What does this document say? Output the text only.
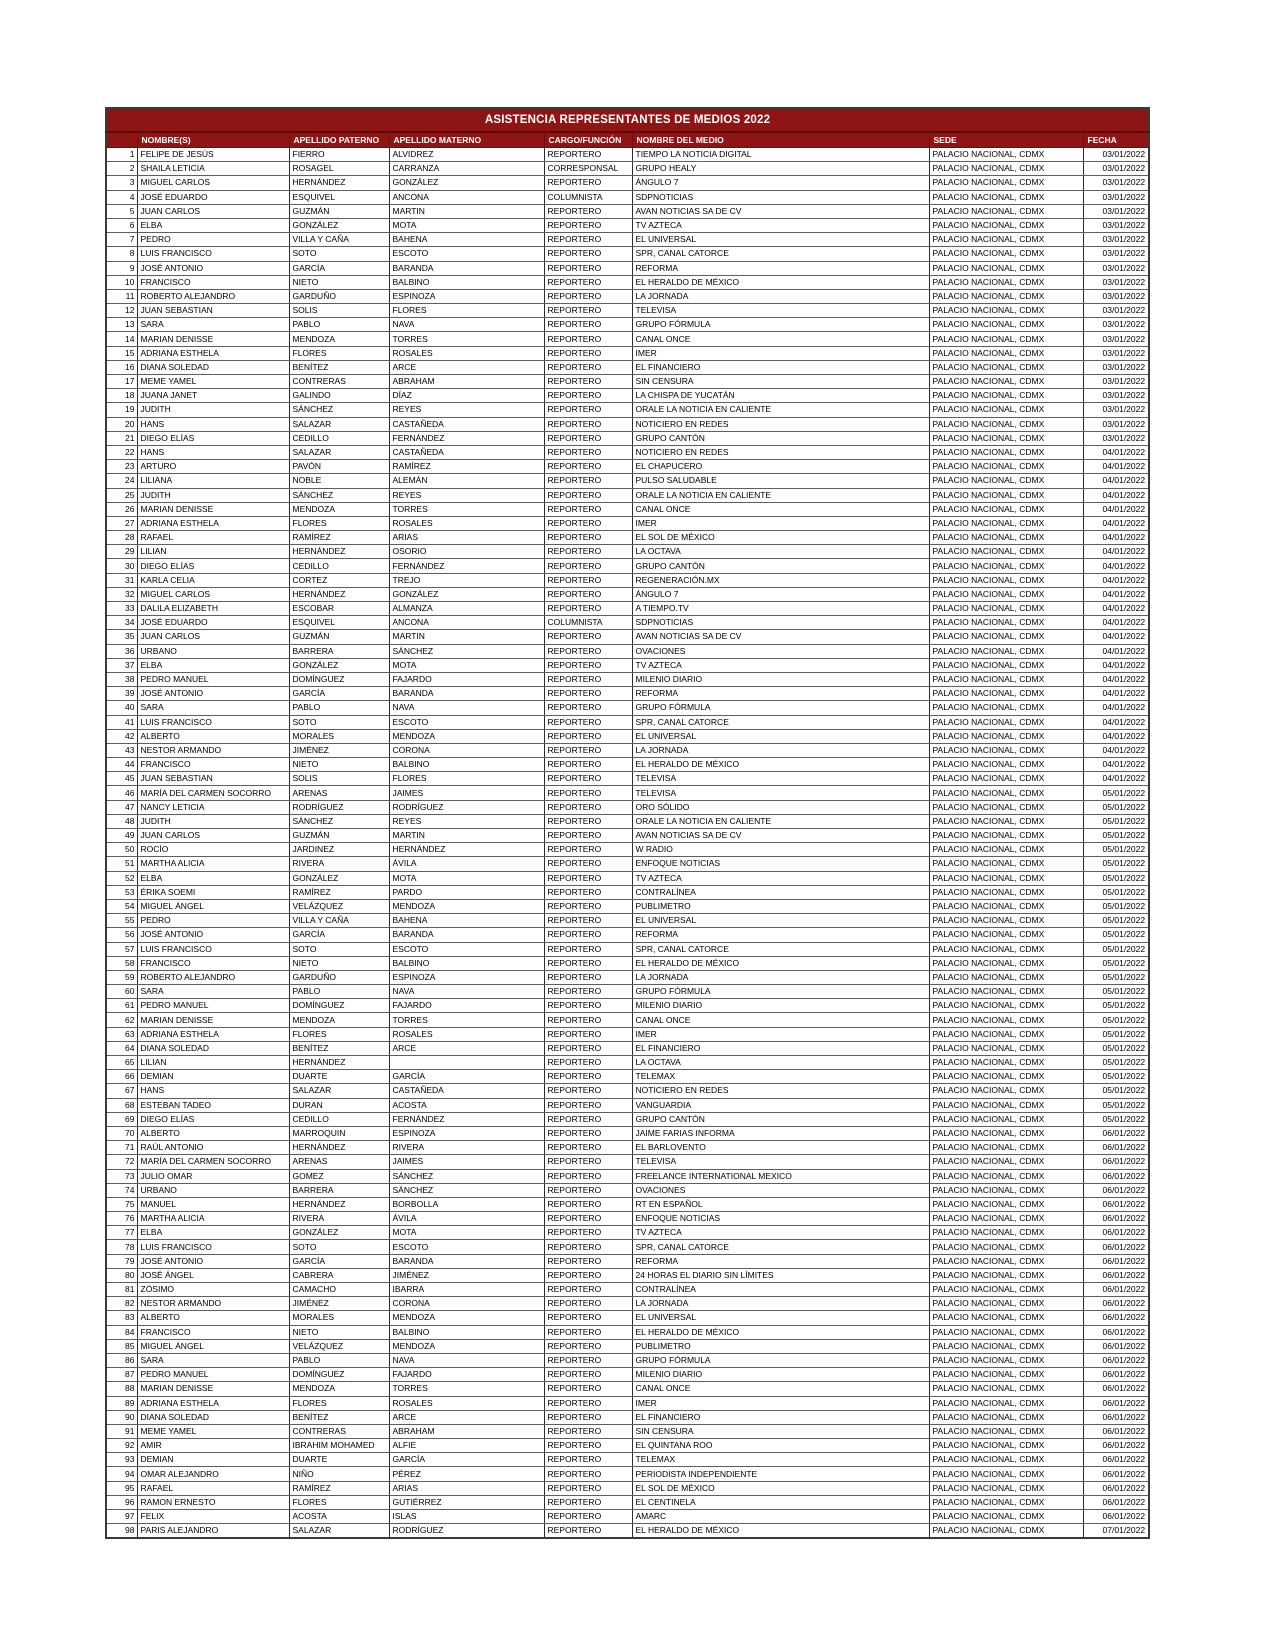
ASISTENCIA REPRESENTANTES DE MEDIOS 2022							
	NOMBRE(S)	APELLIDO PATERNO	APELLIDO MATERNO	CARGO/FUNCIÓN	NOMBRE DEL MEDIO	SEDE	FECHA
1	FELIPE DE JESÚS	FIERRO	ALVIDREZ	REPORTERO	TIEMPO LA NOTICIA DIGITAL	PALACIO NACIONAL, CDMX	03/01/2022
2	SHAILA LETICIA	ROSAGEL	CARRANZA	CORRESPONSAL	GRUPO HEALY	PALACIO NACIONAL, CDMX	03/01/2022
3	MIGUEL CARLOS	HERNÁNDEZ	GONZÁLEZ	REPORTERO	ÁNGULO 7	PALACIO NACIONAL, CDMX	03/01/2022
4	JOSÉ EDUARDO	ESQUIVEL	ANCONA	COLUMNISTA	SDPNOTICIAS	PALACIO NACIONAL, CDMX	03/01/2022
5	JUAN CARLOS	GUZMÁN	MARTIN	REPORTERO	AVAN NOTICIAS SA DE CV	PALACIO NACIONAL, CDMX	03/01/2022
6	ELBA	GONZÁLEZ	MOTA	REPORTERO	TV AZTECA	PALACIO NACIONAL, CDMX	03/01/2022
7	PEDRO	VILLA Y CAÑA	BAHENA	REPORTERO	EL UNIVERSAL	PALACIO NACIONAL, CDMX	03/01/2022
8	LUIS FRANCISCO	SOTO	ESCOTO	REPORTERO	SPR, CANAL CATORCE	PALACIO NACIONAL, CDMX	03/01/2022
9	JOSÉ ANTONIO	GARCÍA	BARANDA	REPORTERO	REFORMA	PALACIO NACIONAL, CDMX	03/01/2022
10	FRANCISCO	NIETO	BALBINO	REPORTERO	EL HERALDO DE MÉXICO	PALACIO NACIONAL, CDMX	03/01/2022
11	ROBERTO ALEJANDRO	GARDUÑO	ESPINOZA	REPORTERO	LA JORNADA	PALACIO NACIONAL, CDMX	03/01/2022
12	JUAN SEBASTIAN	SOLIS	FLORES	REPORTERO	TELEVISA	PALACIO NACIONAL, CDMX	03/01/2022
13	SARA	PABLO	NAVA	REPORTERO	GRUPO FÓRMULA	PALACIO NACIONAL, CDMX	03/01/2022
14	MARIAN DENISSE	MENDOZA	TORRES	REPORTERO	CANAL ONCE	PALACIO NACIONAL, CDMX	03/01/2022
15	ADRIANA ESTHELA	FLORES	ROSALES	REPORTERO	IMER	PALACIO NACIONAL, CDMX	03/01/2022
16	DIANA SOLEDAD	BENÍTEZ	ARCE	REPORTERO	EL FINANCIERO	PALACIO NACIONAL, CDMX	03/01/2022
17	MEME YAMEL	CONTRERAS	ABRAHAM	REPORTERO	SIN CENSURA	PALACIO NACIONAL, CDMX	03/01/2022
18	JUANA JANET	GALINDO	DÍAZ	REPORTERO	LA CHISPA DE YUCATÁN	PALACIO NACIONAL, CDMX	03/01/2022
19	JUDITH	SÁNCHEZ	REYES	REPORTERO	ORALE LA NOTICIA EN CALIENTE	PALACIO NACIONAL, CDMX	03/01/2022
20	HANS	SALAZAR	CASTAÑEDA	REPORTERO	NOTICIERO EN REDES	PALACIO NACIONAL, CDMX	03/01/2022
21	DIEGO ELÍAS	CEDILLO	FERNÁNDEZ	REPORTERO	GRUPO CANTÓN	PALACIO NACIONAL, CDMX	03/01/2022
22	HANS	SALAZAR	CASTAÑEDA	REPORTERO	NOTICIERO EN REDES	PALACIO NACIONAL, CDMX	04/01/2022
23	ARTURO	PAVÓN	RAMÍREZ	REPORTERO	EL CHAPUCERO	PALACIO NACIONAL, CDMX	04/01/2022
24	LILIANA	NOBLE	ALEMÁN	REPORTERO	PULSO SALUDABLE	PALACIO NACIONAL, CDMX	04/01/2022
25	JUDITH	SÁNCHEZ	REYES	REPORTERO	ORALE LA NOTICIA EN CALIENTE	PALACIO NACIONAL, CDMX	04/01/2022
26	MARIAN DENISSE	MENDOZA	TORRES	REPORTERO	CANAL ONCE	PALACIO NACIONAL, CDMX	04/01/2022
27	ADRIANA ESTHELA	FLORES	ROSALES	REPORTERO	IMER	PALACIO NACIONAL, CDMX	04/01/2022
28	RAFAEL	RAMÍREZ	ARIAS	REPORTERO	EL SOL DE MÉXICO	PALACIO NACIONAL, CDMX	04/01/2022
29	LILIAN	HERNÁNDEZ	OSORIO	REPORTERO	LA OCTAVA	PALACIO NACIONAL, CDMX	04/01/2022
30	DIEGO ELÍAS	CEDILLO	FERNÁNDEZ	REPORTERO	GRUPO CANTÓN	PALACIO NACIONAL, CDMX	04/01/2022
31	KARLA CELIA	CORTEZ	TREJO	REPORTERO	REGENERACIÓN.MX	PALACIO NACIONAL, CDMX	04/01/2022
32	MIGUEL CARLOS	HERNÁNDEZ	GONZÁLEZ	REPORTERO	ÁNGULO 7	PALACIO NACIONAL, CDMX	04/01/2022
33	DALILA ELIZABETH	ESCOBAR	ALMANZA	REPORTERO	A TIEMPO.TV	PALACIO NACIONAL, CDMX	04/01/2022
34	JOSÉ EDUARDO	ESQUIVEL	ANCONA	COLUMNISTA	SDPNOTICIAS	PALACIO NACIONAL, CDMX	04/01/2022
35	JUAN CARLOS	GUZMÁN	MARTIN	REPORTERO	AVAN NOTICIAS SA DE CV	PALACIO NACIONAL, CDMX	04/01/2022
36	URBANO	BARRERA	SÁNCHEZ	REPORTERO	OVACIONES	PALACIO NACIONAL, CDMX	04/01/2022
37	ELBA	GONZÁLEZ	MOTA	REPORTERO	TV AZTECA	PALACIO NACIONAL, CDMX	04/01/2022
38	PEDRO MANUEL	DOMÍNGUEZ	FAJARDO	REPORTERO	MILENIO DIARIO	PALACIO NACIONAL, CDMX	04/01/2022
39	JOSÉ ANTONIO	GARCÍA	BARANDA	REPORTERO	REFORMA	PALACIO NACIONAL, CDMX	04/01/2022
40	SARA	PABLO	NAVA	REPORTERO	GRUPO FÓRMULA	PALACIO NACIONAL, CDMX	04/01/2022
41	LUIS FRANCISCO	SOTO	ESCOTO	REPORTERO	SPR, CANAL CATORCE	PALACIO NACIONAL, CDMX	04/01/2022
42	ALBERTO	MORALES	MENDOZA	REPORTERO	EL UNIVERSAL	PALACIO NACIONAL, CDMX	04/01/2022
43	NESTOR ARMANDO	JIMÉNEZ	CORONA	REPORTERO	LA JORNADA	PALACIO NACIONAL, CDMX	04/01/2022
44	FRANCISCO	NIETO	BALBINO	REPORTERO	EL HERALDO DE MÉXICO	PALACIO NACIONAL, CDMX	04/01/2022
45	JUAN SEBASTIAN	SOLIS	FLORES	REPORTERO	TELEVISA	PALACIO NACIONAL, CDMX	04/01/2022
46	MARÍA DEL CARMEN SOCORRO	ARENAS	JAIMES	REPORTERO	TELEVISA	PALACIO NACIONAL, CDMX	05/01/2022
47	NANCY LETICIA	RODRÍGUEZ	RODRÍGUEZ	REPORTERO	ORO SÓLIDO	PALACIO NACIONAL, CDMX	05/01/2022
48	JUDITH	SÁNCHEZ	REYES	REPORTERO	ORALE LA NOTICIA EN CALIENTE	PALACIO NACIONAL, CDMX	05/01/2022
49	JUAN CARLOS	GUZMÁN	MARTIN	REPORTERO	AVAN NOTICIAS SA DE CV	PALACIO NACIONAL, CDMX	05/01/2022
50	ROCÍO	JARDINEZ	HERNÁNDEZ	REPORTERO	W RADIO	PALACIO NACIONAL, CDMX	05/01/2022
51	MARTHA ALICIA	RIVERA	ÁVILA	REPORTERO	ENFOQUE NOTICIAS	PALACIO NACIONAL, CDMX	05/01/2022
52	ELBA	GONZÁLEZ	MOTA	REPORTERO	TV AZTECA	PALACIO NACIONAL, CDMX	05/01/2022
53	ÉRIKA SOEMI	RAMÍREZ	PARDO	REPORTERO	CONTRALÍNEA	PALACIO NACIONAL, CDMX	05/01/2022
54	MIGUEL ÁNGEL	VELÁZQUEZ	MENDOZA	REPORTERO	PUBLIMETRO	PALACIO NACIONAL, CDMX	05/01/2022
55	PEDRO	VILLA Y CAÑA	BAHENA	REPORTERO	EL UNIVERSAL	PALACIO NACIONAL, CDMX	05/01/2022
56	JOSÉ ANTONIO	GARCÍA	BARANDA	REPORTERO	REFORMA	PALACIO NACIONAL, CDMX	05/01/2022
57	LUIS FRANCISCO	SOTO	ESCOTO	REPORTERO	SPR, CANAL CATORCE	PALACIO NACIONAL, CDMX	05/01/2022
58	FRANCISCO	NIETO	BALBINO	REPORTERO	EL HERALDO DE MÉXICO	PALACIO NACIONAL, CDMX	05/01/2022
59	ROBERTO ALEJANDRO	GARDUÑO	ESPINOZA	REPORTERO	LA JORNADA	PALACIO NACIONAL, CDMX	05/01/2022
60	SARA	PABLO	NAVA	REPORTERO	GRUPO FÓRMULA	PALACIO NACIONAL, CDMX	05/01/2022
61	PEDRO MANUEL	DOMÍNGUEZ	FAJARDO	REPORTERO	MILENIO DIARIO	PALACIO NACIONAL, CDMX	05/01/2022
62	MARIAN DENISSE	MENDOZA	TORRES	REPORTERO	CANAL ONCE	PALACIO NACIONAL, CDMX	05/01/2022
63	ADRIANA ESTHELA	FLORES	ROSALES	REPORTERO	IMER	PALACIO NACIONAL, CDMX	05/01/2022
64	DIANA SOLEDAD	BENÍTEZ	ARCE	REPORTERO	EL FINANCIERO	PALACIO NACIONAL, CDMX	05/01/2022
65	LILIAN	HERNÁNDEZ		REPORTERO	LA OCTAVA	PALACIO NACIONAL, CDMX	05/01/2022
66	DEMIAN	DUARTE	GARCÍA	REPORTERO	TELEMAX	PALACIO NACIONAL, CDMX	05/01/2022
67	HANS	SALAZAR	CASTAÑEDA	REPORTERO	NOTICIERO EN REDES	PALACIO NACIONAL, CDMX	05/01/2022
68	ESTEBAN TADEO	DURAN	ACOSTA	REPORTERO	VANGUARDIA	PALACIO NACIONAL, CDMX	05/01/2022
69	DIEGO ELÍAS	CEDILLO	FERNÁNDEZ	REPORTERO	GRUPO CANTÓN	PALACIO NACIONAL, CDMX	05/01/2022
70	ALBERTO	MARROQUIN	ESPINOZA	REPORTERO	JAIME FARIAS INFORMA	PALACIO NACIONAL, CDMX	06/01/2022
71	RAÚL ANTONIO	HERNÁNDEZ	RIVERA	REPORTERO	EL BARLOVENTO	PALACIO NACIONAL, CDMX	06/01/2022
72	MARÍA DEL CARMEN SOCORRO	ARENAS	JAIMES	REPORTERO	TELEVISA	PALACIO NACIONAL, CDMX	06/01/2022
73	JULIO OMAR	GOMEZ	SÁNCHEZ	REPORTERO	FREELANCE INTERNATIONAL MEXICO	PALACIO NACIONAL, CDMX	06/01/2022
74	URBANO	BARRERA	SÁNCHEZ	REPORTERO	OVACIONES	PALACIO NACIONAL, CDMX	06/01/2022
75	MANUEL	HERNÁNDEZ	BORBOLLA	REPORTERO	RT EN ESPAÑOL	PALACIO NACIONAL, CDMX	06/01/2022
76	MARTHA ALICIA	RIVERA	ÁVILA	REPORTERO	ENFOQUE NOTICIAS	PALACIO NACIONAL, CDMX	06/01/2022
77	ELBA	GONZÁLEZ	MOTA	REPORTERO	TV AZTECA	PALACIO NACIONAL, CDMX	06/01/2022
78	LUIS FRANCISCO	SOTO	ESCOTO	REPORTERO	SPR, CANAL CATORCE	PALACIO NACIONAL, CDMX	06/01/2022
79	JOSÉ ANTONIO	GARCÍA	BARANDA	REPORTERO	REFORMA	PALACIO NACIONAL, CDMX	06/01/2022
80	JOSÉ ÁNGEL	CABRERA	JIMÉNEZ	REPORTERO	24 HORAS EL DIARIO SIN LÍMITES	PALACIO NACIONAL, CDMX	06/01/2022
81	ZÓSIMO	CAMACHO	IBARRA	REPORTERO	CONTRALÍNEA	PALACIO NACIONAL, CDMX	06/01/2022
82	NESTOR ARMANDO	JIMÉNEZ	CORONA	REPORTERO	LA JORNADA	PALACIO NACIONAL, CDMX	06/01/2022
83	ALBERTO	MORALES	MENDOZA	REPORTERO	EL UNIVERSAL	PALACIO NACIONAL, CDMX	06/01/2022
84	FRANCISCO	NIETO	BALBINO	REPORTERO	EL HERALDO DE MÉXICO	PALACIO NACIONAL, CDMX	06/01/2022
85	MIGUEL ÁNGEL	VELÁZQUEZ	MENDOZA	REPORTERO	PUBLIMETRO	PALACIO NACIONAL, CDMX	06/01/2022
86	SARA	PABLO	NAVA	REPORTERO	GRUPO FÓRMULA	PALACIO NACIONAL, CDMX	06/01/2022
87	PEDRO MANUEL	DOMÍNGUEZ	FAJARDO	REPORTERO	MILENIO DIARIO	PALACIO NACIONAL, CDMX	06/01/2022
88	MARIAN DENISSE	MENDOZA	TORRES	REPORTERO	CANAL ONCE	PALACIO NACIONAL, CDMX	06/01/2022
89	ADRIANA ESTHELA	FLORES	ROSALES	REPORTERO	IMER	PALACIO NACIONAL, CDMX	06/01/2022
90	DIANA SOLEDAD	BENÍTEZ	ARCE	REPORTERO	EL FINANCIERO	PALACIO NACIONAL, CDMX	06/01/2022
91	MEME YAMEL	CONTRERAS	ABRAHAM	REPORTERO	SIN CENSURA	PALACIO NACIONAL, CDMX	06/01/2022
92	AMIR	IBRAHIM MOHAMED	ALFIE	REPORTERO	EL QUINTANA ROO	PALACIO NACIONAL, CDMX	06/01/2022
93	DEMIAN	DUARTE	GARCÍA	REPORTERO	TELEMAX	PALACIO NACIONAL, CDMX	06/01/2022
94	OMAR ALEJANDRO	NIÑO	PÉREZ	REPORTERO	PERIODISTA INDEPENDIENTE	PALACIO NACIONAL, CDMX	06/01/2022
95	RAFAEL	RAMÍREZ	ARIAS	REPORTERO	EL SOL DE MÉXICO	PALACIO NACIONAL, CDMX	06/01/2022
96	RAMON ERNESTO	FLORES	GUTIÉRREZ	REPORTERO	EL CENTINELA	PALACIO NACIONAL, CDMX	06/01/2022
97	FELIX	ACOSTA	ISLAS	REPORTERO	AMARC	PALACIO NACIONAL, CDMX	06/01/2022
98	PARIS ALEJANDRO	SALAZAR	RODRÍGUEZ	REPORTERO	EL HERALDO DE MÉXICO	PALACIO NACIONAL, CDMX	07/01/2022
